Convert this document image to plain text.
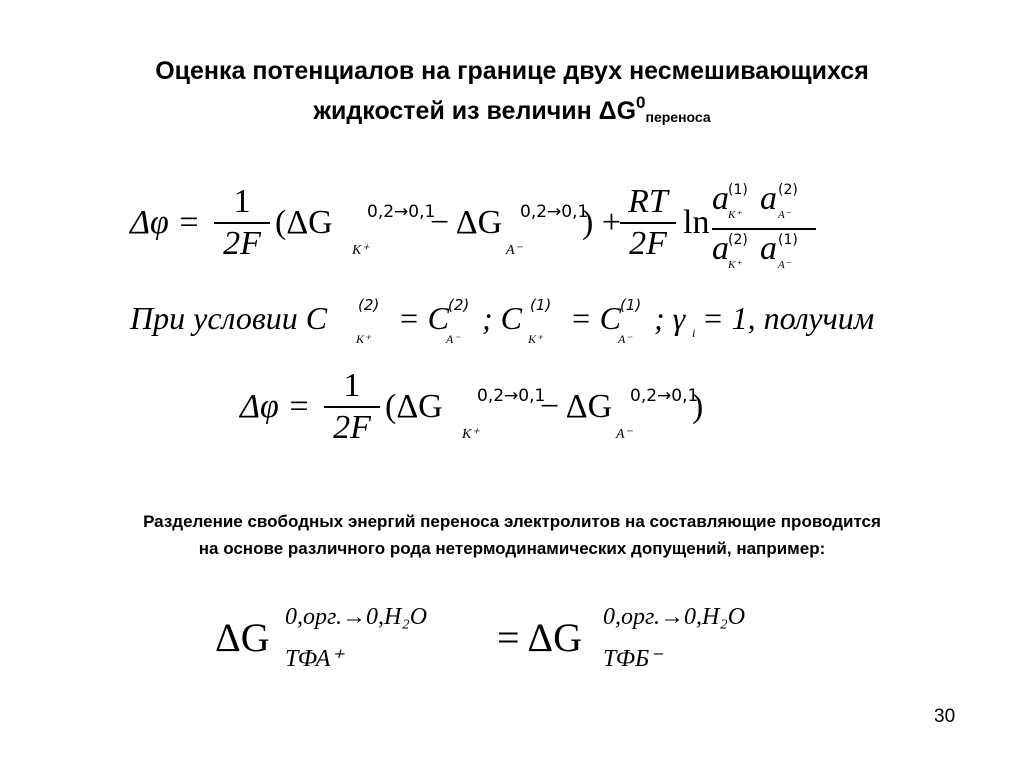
Оценка потенциалов на границе двух несмешивающихся
жидкостей из величин $\Delta G^0_{переноса}$
Δφ =
1
2F
(ΔG 0,2→0,1
K⁺
− ΔG 0,2→0,1
A⁻
) +
RT
2F
ln
a (1)
K⁺ a (2)
A⁻
a (2)
K⁺ a (1)
A⁻
При условии C (2)
K⁺
= C (2)
A⁻
; C (1)
K⁺
= C (1)
A⁻
; γ i = 1, получим
Δφ =
1
2F
(ΔG 0,2→0,1
K⁺
− ΔG 0,2→0,1
A⁻
)
Разделение свободных энергий переноса электролитов на составляющие проводится
на основе различного рода нетермодинамических допущений, например:
ΔG 0,орг.→0,H₂O
ТФА⁺	= ΔG 0,орг.→0,H₂O
ТФБ⁻
30
